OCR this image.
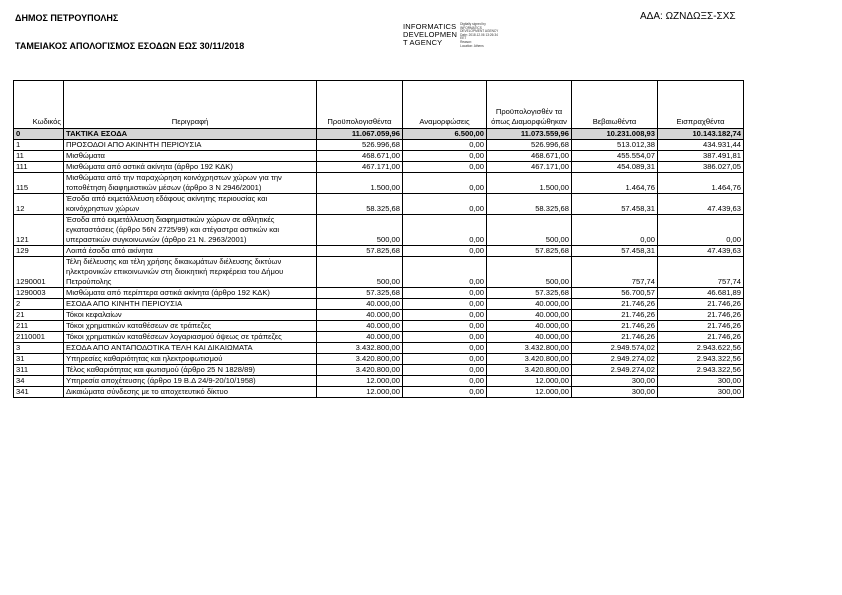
ΔΗΜΟΣ ΠΕΤΡΟΥΠΟΛΗΣ
ΤΑΜΕΙΑΚΟΣ ΑΠΟΛΟΓΙΣΜΟΣ ΕΣΟΔΩΝ ΕΩΣ 30/11/2018
ΑΔΑ: ΩΖΝΔΩΞΣ-ΣΧΣ
INFORMATICS
DEVELOPMEN
T AGENCY
Digitally signed by
INFORMATICS
DEVELOPMENT AGENCY
Date: 2018.12.06 13:26:34
EET
Reason:
Location: Athens
Κωδικός	Περιγραφή	Προϋπολογισθέντα	Αναμορφώσεις	Προϋπολογισθέν τα όπως Διαμορφώθηκαν	Βεβαιωθέντα	Εισπραχθέντα
0	ΤΑΚΤΙΚΑ ΕΣΟΔΑ	11.067.059,96	6.500,00	11.073.559,96	10.231.008,93	10.143.182,74
1	ΠΡΟΣΟΔΟΙ ΑΠΟ ΑΚΙΝΗΤΗ ΠΕΡΙΟΥΣΙΑ	526.996,68	0,00	526.996,68	513.012,38	434.931,44
11	Μισθώματα	468.671,00	0,00	468.671,00	455.554,07	387.491,81
111	Μισθώματα από αστικά ακίνητα (άρθρο 192 ΚΔΚ)	467.171,00	0,00	467.171,00	454.089,31	386.027,05
115	Μισθώματα από την παραχώρηση κοινόχρηστων χώρων για την τοποθέτηση διαφημιστικών μέσων (άρθρο 3 Ν 2946/2001)	1.500,00	0,00	1.500,00	1.464,76	1.464,76
12	Έσοδα από εκμετάλλευση εδάφους ακίνητης περιουσίας και κοινόχρηστων χώρων	58.325,68	0,00	58.325,68	57.458,31	47.439,63
121	Έσοδα από εκμετάλλευση διαφημιστικών χώρων σε αθλητικές εγκαταστάσεις (άρθρο 56Ν 2725/99) και στέγαστρα αστικών και υπεραστικών συγκοινωνιών (άρθρο 21 Ν. 2963/2001)	500,00	0,00	500,00	0,00	0,00
129	Λοιπά έσοδα από ακίνητα	57.825,68	0,00	57.825,68	57.458,31	47.439,63
1290001	Τέλη διέλευσης και τέλη χρήσης δικαιωμάτων διέλευσης δικτύων ηλεκτρονικών επικοινωνιών στη διοικητική περιφέρεια του Δήμου Πετρούπολης	500,00	0,00	500,00	757,74	757,74
1290003	Μισθώματα από περίπτερα αστικά ακίνητα (άρθρο 192 ΚΔΚ)	57.325,68	0,00	57.325,68	56.700,57	46.681,89
2	ΕΣΟΔΑ ΑΠΟ ΚΙΝΗΤΗ ΠΕΡΙΟΥΣΙΑ	40.000,00	0,00	40.000,00	21.746,26	21.746,26
21	Τόκοι κεφαλαίων	40.000,00	0,00	40.000,00	21.746,26	21.746,26
211	Τόκοι χρηματικών καταθέσεων σε τράπεζες	40.000,00	0,00	40.000,00	21.746,26	21.746,26
2110001	Τόκοι χρηματικών καταθέσεων λογαριασμού όψεως σε τράπεζες	40.000,00	0,00	40.000,00	21.746,26	21.746,26
3	ΕΣΟΔΑ ΑΠΟ ΑΝΤΑΠΟΔΟΤΙΚΑ ΤΕΛΗ ΚΑΙ ΔΙΚΑΙΩΜΑΤΑ	3.432.800,00	0,00	3.432.800,00	2.949.574,02	2.943.622,56
31	Υπηρεσίες καθαριότητας και ηλεκτροφωτισμού	3.420.800,00	0,00	3.420.800,00	2.949.274,02	2.943.322,56
311	Τέλος καθαριότητας και φωτισμού (άρθρο 25 Ν 1828/89)	3.420.800,00	0,00	3.420.800,00	2.949.274,02	2.943.322,56
34	Υπηρεσία αποχέτευσης (άρθρο 19 Β.Δ 24/9-20/10/1958)	12.000,00	0,00	12.000,00	300,00	300,00
341	Δικαιώματα σύνδεσης με το αποχετευτικό δίκτυο	12.000,00	0,00	12.000,00	300,00	300,00
